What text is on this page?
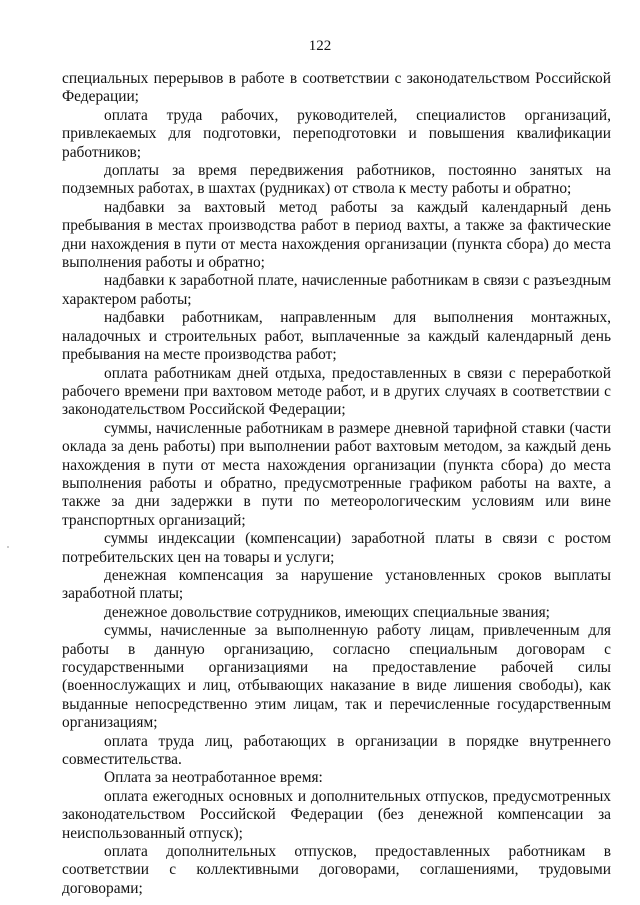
122

специальных перерывов в работе в соответствии с законодательством Российской Федерации;

оплата труда рабочих, руководителей, специалистов организаций, привлекаемых для подготовки, переподготовки и повышения квалификации работников;

доплаты за время передвижения работников, постоянно занятых на подземных работах, в шахтах (рудниках) от ствола к месту работы и обратно;

надбавки за вахтовый метод работы за каждый календарный день пребывания в местах производства работ в период вахты, а также за фактические дни нахождения в пути от места нахождения организации (пункта сбора) до места выполнения работы и обратно;

надбавки к заработной плате, начисленные работникам в связи с разъездным характером работы;

надбавки работникам, направленным для выполнения монтажных, наладочных и строительных работ, выплаченные за каждый календарный день пребывания на месте производства работ;

оплата работникам дней отдыха, предоставленных в связи с переработкой рабочего времени при вахтовом методе работ, и в других случаях в соответствии с законодательством Российской Федерации;

суммы, начисленные работникам в размере дневной тарифной ставки (части оклада за день работы) при выполнении работ вахтовым методом, за каждый день нахождения в пути от места нахождения организации (пункта сбора) до места выполнения работы и обратно, предусмотренные графиком работы на вахте, а также за дни задержки в пути по метеорологическим условиям или вине транспортных организаций;

суммы индексации (компенсации) заработной платы в связи с ростом потребительских цен на товары и услуги;

денежная компенсация за нарушение установленных сроков выплаты заработной платы;

денежное довольствие сотрудников, имеющих специальные звания;

суммы, начисленные за выполненную работу лицам, привлеченным для работы в данную организацию, согласно специальным договорам с государственными организациями на предоставление рабочей силы (военнослужащих и лиц, отбывающих наказание в виде лишения свободы), как выданные непосредственно этим лицам, так и перечисленные государственным организациям;

оплата труда лиц, работающих в организации в порядке внутреннего совместительства.

Оплата за неотработанное время:

оплата ежегодных основных и дополнительных отпусков, предусмотренных законодательством Российской Федерации (без денежной компенсации за неиспользованный отпуск);

оплата дополнительных отпусков, предоставленных работникам в соответствии с коллективными договорами, соглашениями, трудовыми договорами;
